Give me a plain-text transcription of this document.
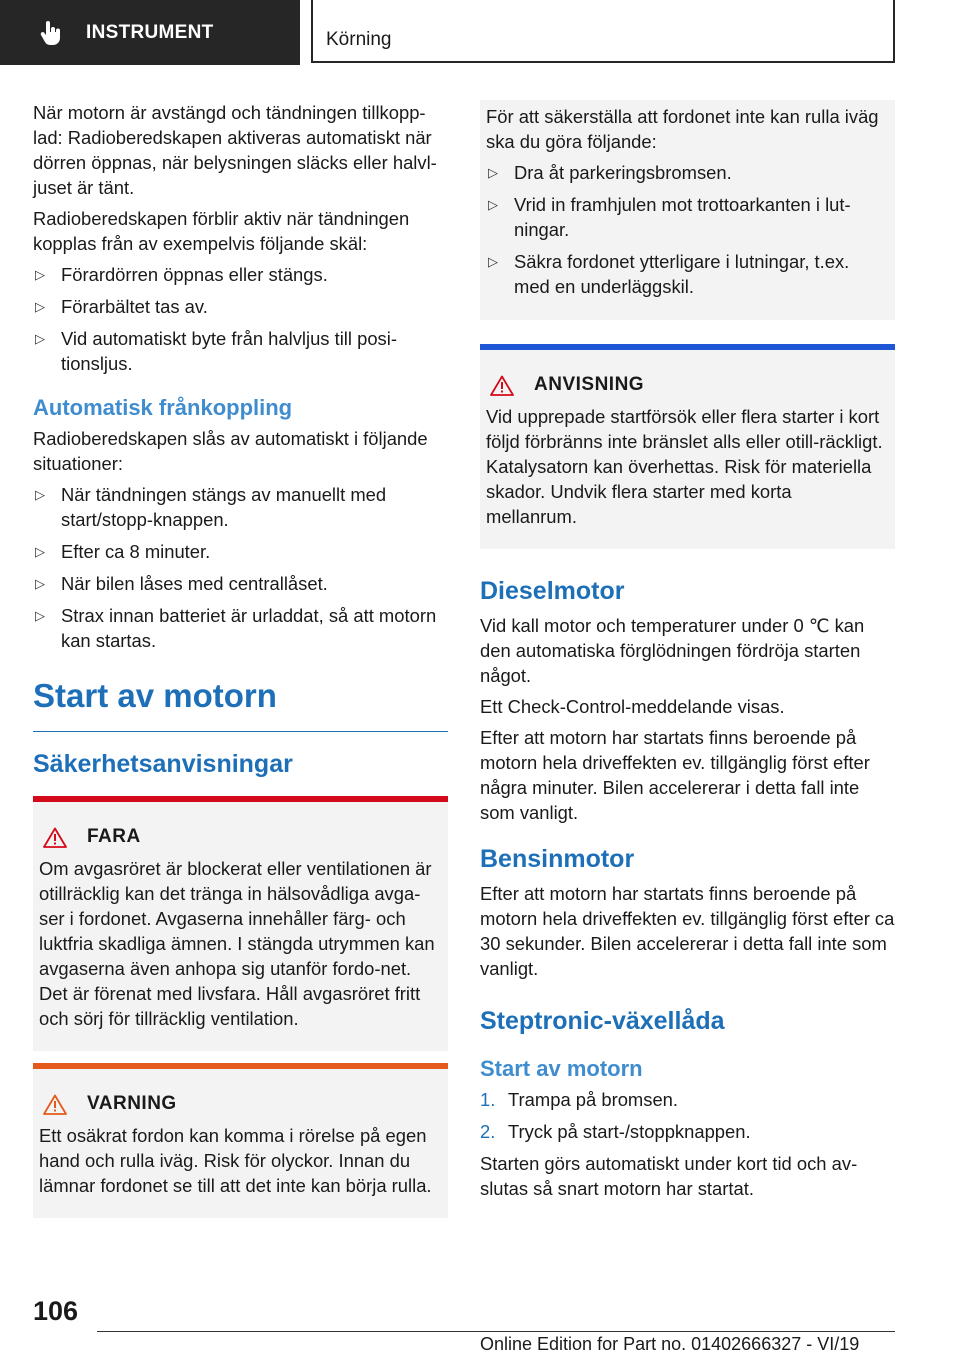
INSTRUMENT	Körning

När motorn är avstängd och tändningen tillkopp-lad: Radioberedskapen aktiveras automatiskt när dörren öppnas, när belysningen släcks eller halvl-juset är tänt.

Radioberedskapen förblir aktiv när tändningen kopplas från av exempelvis följande skäl:

▷ Förardörren öppnas eller stängs.
▷ Förarbältet tas av.
▷ Vid automatiskt byte från halvljus till posi-tionsljus.
Automatisk frånkoppling

Radioberedskapen slås av automatiskt i följande situationer:

▷ När tändningen stängs av manuellt med start/stopp-knappen.
▷ Efter ca 8 minuter.
▷ När bilen låses med centrallåset.
▷ Strax innan batteriet är urladdat, så att motorn kan startas.
Start av motorn
Säkerhetsanvisningar
FARA

Om avgasröret är blockerat eller ventilationen är otillräcklig kan det tränga in hälsovådliga avga-ser i fordonet. Avgaserna innehåller färg- och luktfria skadliga ämnen. I stängda utrymmen kan avgaserna även anhopa sig utanför fordo-net. Det är förenat med livsfara. Håll avgasröret fritt och sörj för tillräcklig ventilation.

VARNING

Ett osäkrat fordon kan komma i rörelse på egen hand och rulla iväg. Risk för olyckor. Innan du lämnar fordonet se till att det inte kan börja rulla.

För att säkerställa att fordonet inte kan rulla iväg ska du göra följande:

▷ Dra åt parkeringsbromsen.
▷ Vrid in framhjulen mot trottoarkanten i lut-ningar.
▷ Säkra fordonet ytterligare i lutningar, t.ex. med en underläggskil.
ANVISNING

Vid upprepade startförsök eller flera starter i kort följd förbränns inte bränslet alls eller otill-räckligt. Katalysatorn kan överhettas. Risk för materiella skador. Undvik flera starter med korta mellanrum.

Dieselmotor

Vid kall motor och temperaturer under 0 ℃ kan den automatiska förglödningen fördröja starten något.

Ett Check-Control-meddelande visas.

Efter att motorn har startats finns beroende på motorn hela driveffekten ev. tillgänglig först efter några minuter. Bilen accelererar i detta fall inte som vanligt.

Bensinmotor

Efter att motorn har startats finns beroende på motorn hela driveffekten ev. tillgänglig först efter ca 30 sekunder. Bilen accelererar i detta fall inte som vanligt.

Steptronic-växellåda
Start av motorn
1. Trampa på bromsen.
2. Tryck på start-/stoppknappen.

Starten görs automatiskt under kort tid och av-slutas så snart motorn har startat.

106
Online Edition for Part no. 01402666327 - VI/19
